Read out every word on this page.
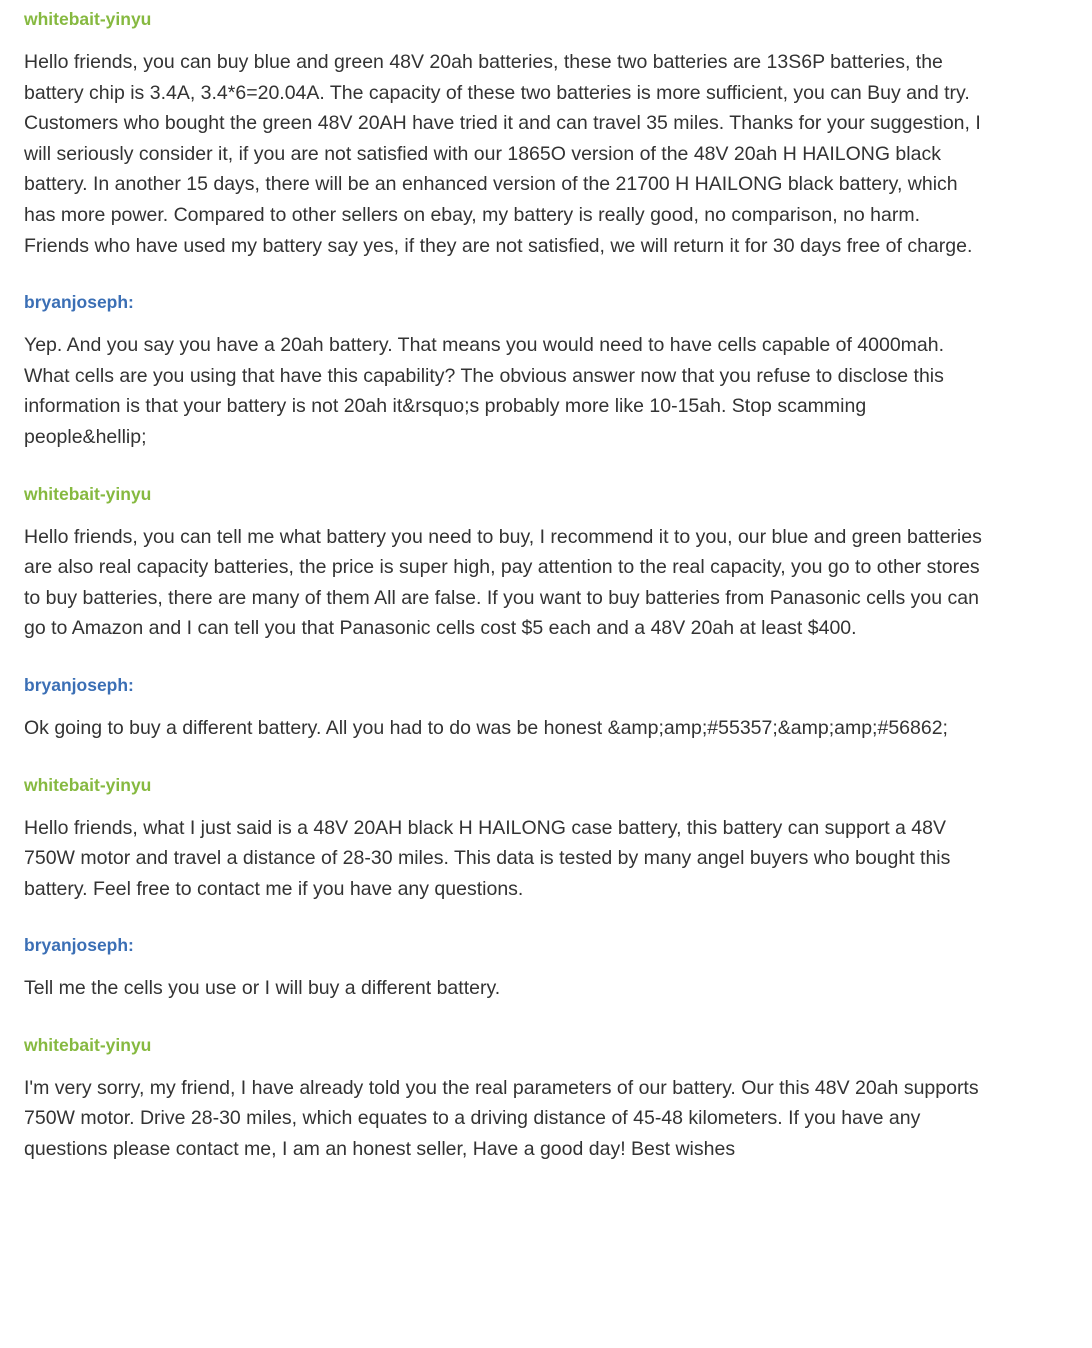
whitebait-yinyu

Hello friends, you can buy blue and green 48V 20ah batteries, these two batteries are 13S6P batteries, the battery chip is 3.4A, 3.4*6=20.04A. The capacity of these two batteries is more sufficient, you can Buy and try. Customers who bought the green 48V 20AH have tried it and can travel 35 miles. Thanks for your suggestion, I will seriously consider it, if you are not satisfied with our 1865O version of the 48V 20ah H HAILONG black battery. In another 15 days, there will be an enhanced version of the 21700 H HAILONG black battery, which has more power. Compared to other sellers on ebay, my battery is really good, no comparison, no harm. Friends who have used my battery say yes, if they are not satisfied, we will return it for 30 days free of charge.

bryanjoseph:

Yep. And you say you have a 20ah battery. That means you would need to have cells capable of 4000mah. What cells are you using that have this capability? The obvious answer now that you refuse to disclose this information is that your battery is not 20ah it&rsquo;s probably more like 10-15ah. Stop scamming people&hellip;

whitebait-yinyu

Hello friends, you can tell me what battery you need to buy, I recommend it to you, our blue and green batteries are also real capacity batteries, the price is super high, pay attention to the real capacity, you go to other stores to buy batteries, there are many of them All are false. If you want to buy batteries from Panasonic cells you can go to Amazon and I can tell you that Panasonic cells cost $5 each and a 48V 20ah at least $400.

bryanjoseph:

Ok going to buy a different battery. All you had to do was be honest &amp;amp;#55357;&amp;amp;#56862;

whitebait-yinyu

Hello friends, what I just said is a 48V 20AH black H HAILONG case battery, this battery can support a 48V 750W motor and travel a distance of 28-30 miles. This data is tested by many angel buyers who bought this battery. Feel free to contact me if you have any questions.

bryanjoseph:

Tell me the cells you use or I will buy a different battery.

whitebait-yinyu

I'm very sorry, my friend, I have already told you the real parameters of our battery. Our this 48V 20ah supports 750W motor. Drive 28-30 miles, which equates to a driving distance of 45-48 kilometers. If you have any questions please contact me, I am an honest seller, Have a good day! Best wishes
